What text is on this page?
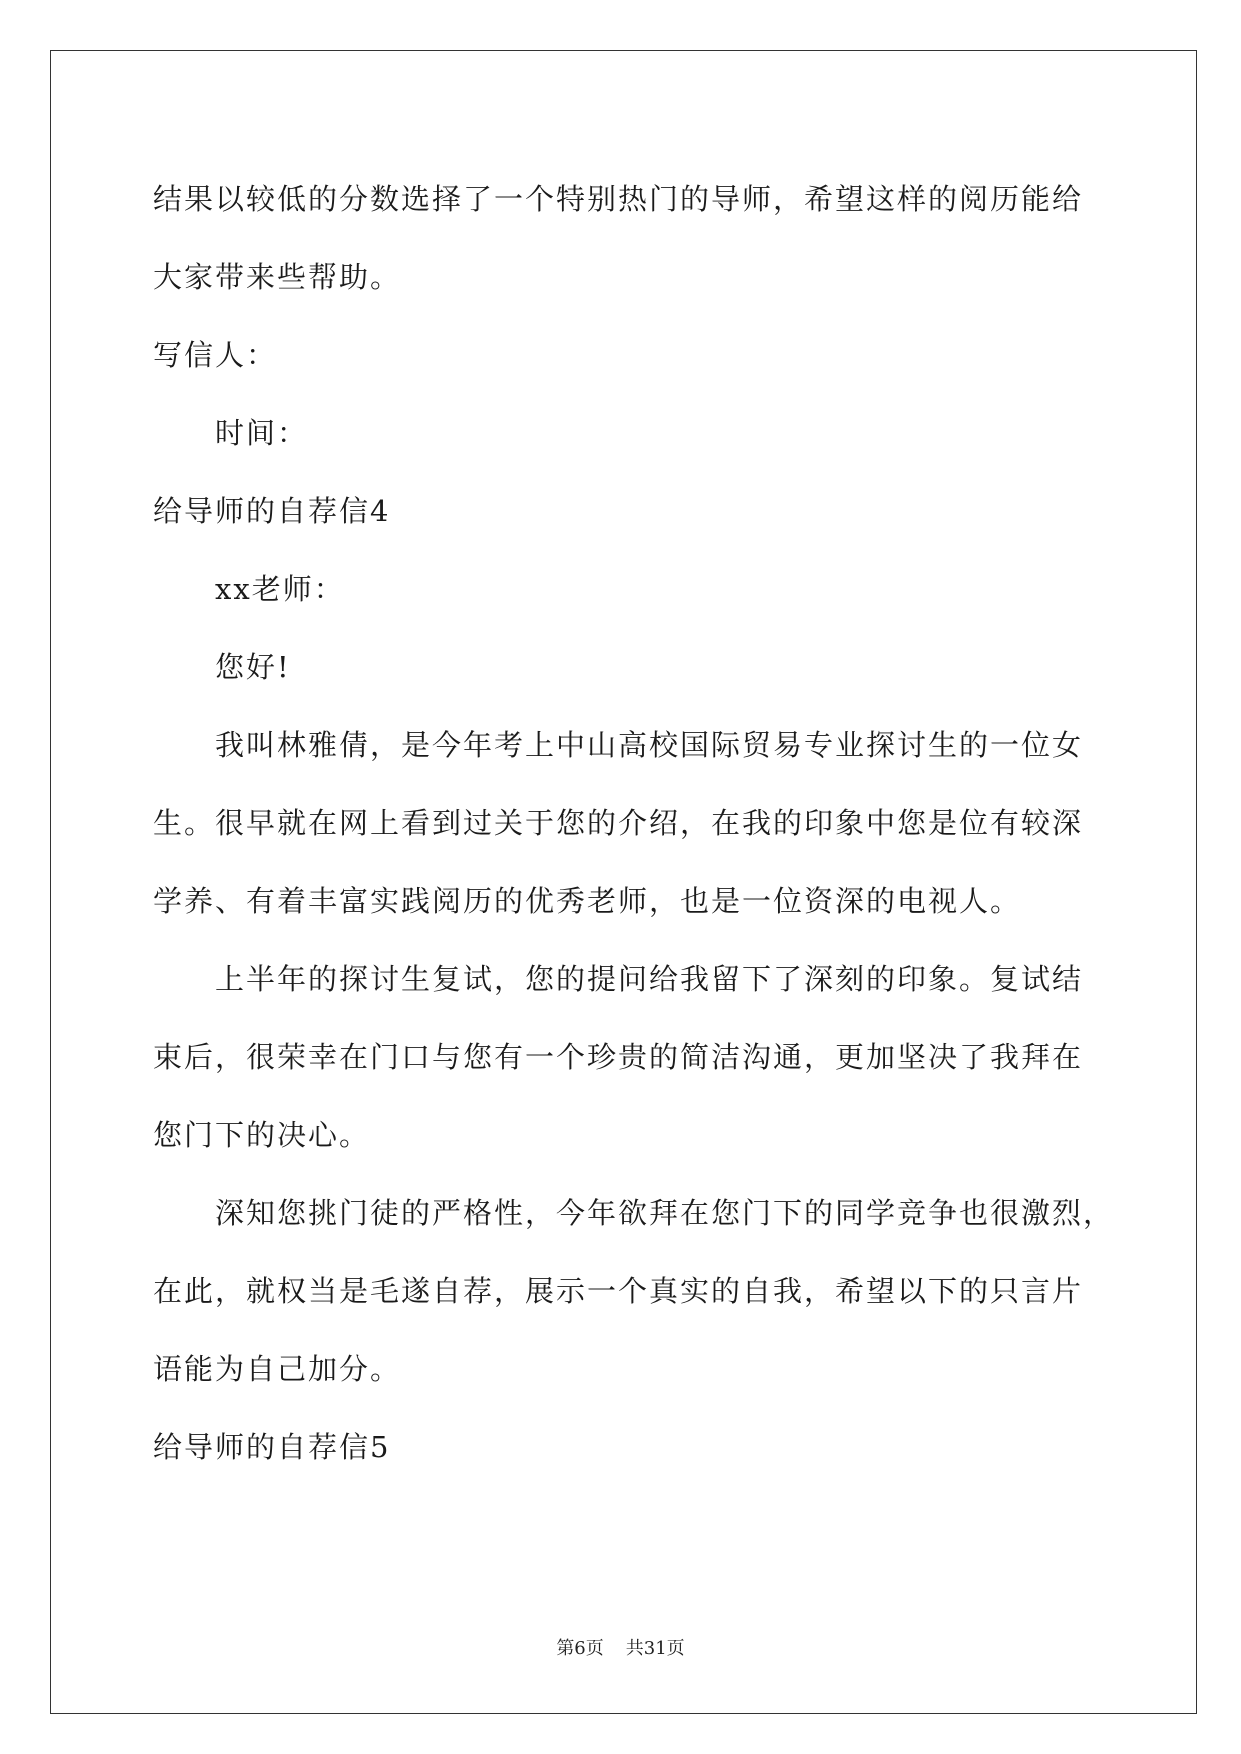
结果以较低的分数选择了一个特别热门的导师，希望这样的阅历能给
大家带来些帮助。
写信人：
时间：
给导师的自荐信4
xx老师：
您好!
我叫林雅倩，是今年考上中山高校国际贸易专业探讨生的一位女
生。很早就在网上看到过关于您的介绍，在我的印象中您是位有较深
学养、有着丰富实践阅历的优秀老师，也是一位资深的电视人。
上半年的探讨生复试，您的提问给我留下了深刻的印象。复试结
束后，很荣幸在门口与您有一个珍贵的简洁沟通，更加坚决了我拜在
您门下的决心。
深知您挑门徒的严格性，今年欲拜在您门下的同学竞争也很激烈，
在此，就权当是毛遂自荐，展示一个真实的自我，希望以下的只言片
语能为自己加分。
给导师的自荐信5
第6页 共31页
